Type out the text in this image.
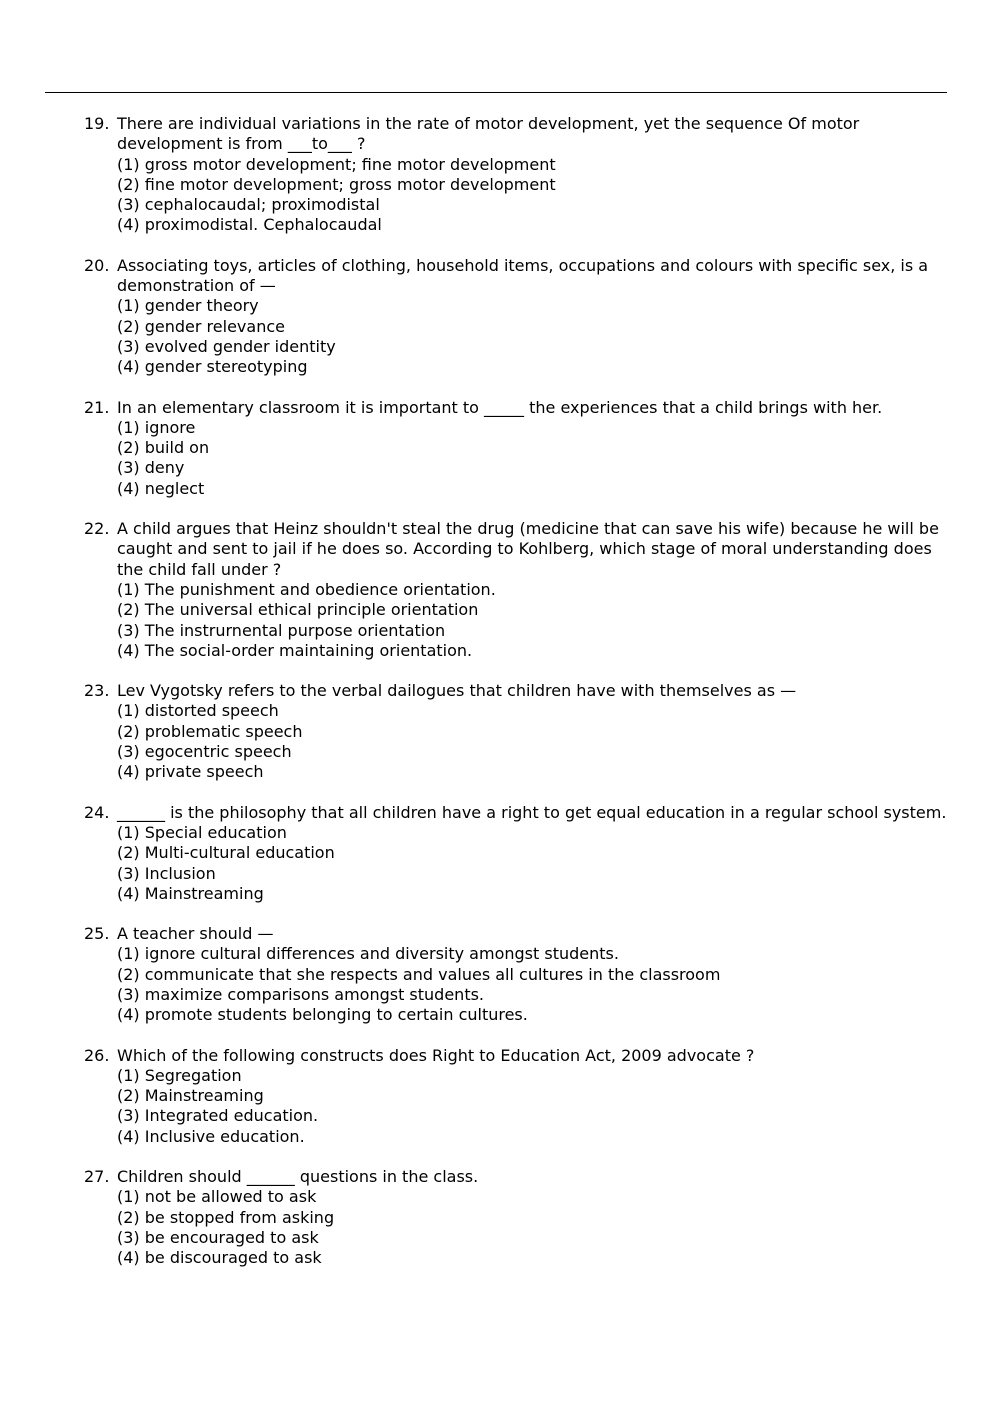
19. There are individual variations in the rate of motor development, yet the sequence Of motor development is from ___to___ ?
(1) gross motor development; fine motor development
(2) fine motor development; gross motor development
(3) cephalocaudal; proximodistal
(4) proximodistal. Cephalocaudal
20. Associating toys, articles of clothing, household items, occupations and colours with specific sex, is a demonstration of —
(1) gender theory
(2) gender relevance
(3) evolved gender identity
(4) gender stereotyping
21. In an elementary classroom it is important to _____ the experiences that a child brings with her.
(1) ignore
(2) build on
(3) deny
(4) neglect
22. A child argues that Heinz shouldn't steal the drug (medicine that can save his wife) because he will be caught and sent to jail if he does so. According to Kohlberg, which stage of moral understanding does the child fall under ?
(1) The punishment and obedience orientation.
(2) The universal ethical principle orientation
(3) The instrurnental purpose orientation
(4) The social-order maintaining orientation.
23. Lev Vygotsky refers to the verbal dailogues that children have with themselves as —
(1) distorted speech
(2) problematic speech
(3) egocentric speech
(4) private speech
24. ______ is the philosophy that all children have a right to get equal education in a regular school system.
(1) Special education
(2) Multi-cultural education
(3) Inclusion
(4) Mainstreaming
25. A teacher should —
(1) ignore cultural differences and diversity amongst students.
(2) communicate that she respects and values all cultures in the classroom
(3) maximize comparisons amongst students.
(4) promote students belonging to certain cultures.
26. Which of the following constructs does Right to Education Act, 2009 advocate ?
(1) Segregation
(2) Mainstreaming
(3) Integrated education.
(4) Inclusive education.
27. Children should ______ questions in the class.
(1) not be allowed to ask
(2) be stopped from asking
(3) be encouraged to ask
(4) be discouraged to ask
